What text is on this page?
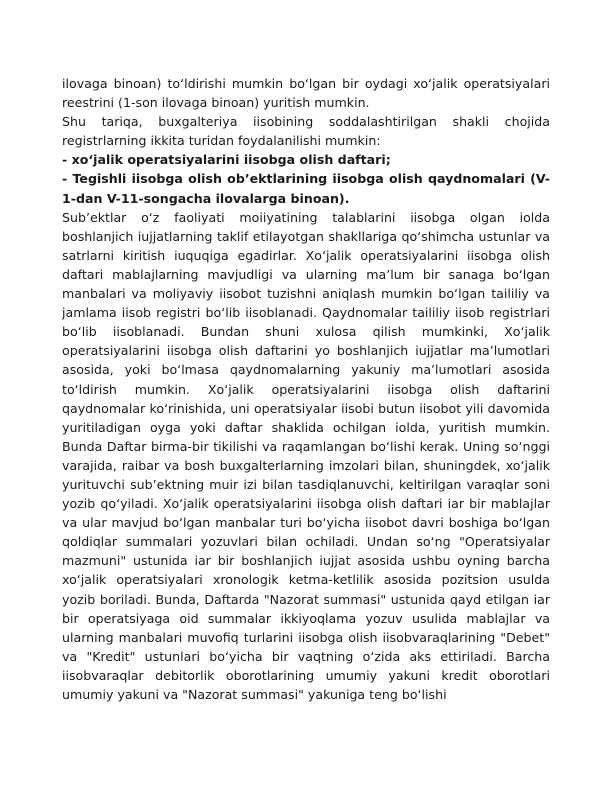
ilovaga binoan) to‘ldirishi mumkin bo‘lgan bir oydagi xo‘jalik operatsiyalari reestrini (1-son ilovaga binoan) yuritish mumkin.

Shu tariqa, buxgalteriya iisobining soddalashtirilgan shakli chojida registrlarning ikkita turidan foydalanilishi mumkin:

- xo‘jalik operatsiyalarini iisobga olish daftari;

- Tegishli iisobga olish ob’ektlarining iisobga olish qaydnomalari (V-1-dan V-11-songacha ilovalarga binoan).

Sub’ektlar o‘z faoliyati moiiyatining talablarini iisobga olgan iolda boshlanjich iujjatlarning taklif etilayotgan shakllariga qo‘shimcha ustunlar va satrlarni kiritish iuquqiga egadirlar. Xo‘jalik operatsiyalarini iisobga olish daftari mablajlarning mavjudligi va ularning ma’lum bir sanaga bo‘lgan manbalari va moliyaviy iisobot tuzishni aniqlash mumkin bo‘lgan taililiy va jamlama iisob registri bo‘lib iisoblanadi. Qaydnomalar taililiy iisob registrlari bo‘lib iisoblanadi. Bundan shuni xulosa qilish mumkinki, Xo‘jalik operatsiyalarini iisobga olish daftarini yo boshlanjich iujjatlar ma’lumotlari asosida, yoki bo‘lmasa qaydnomalarning yakuniy ma’lumotlari asosida to‘ldirish mumkin. Xo‘jalik operatsiyalarini iisobga olish daftarini qaydnomalar ko‘rinishida, uni operatsiyalar iisobi butun iisobot yili davomida yuritiladigan oyga yoki daftar shaklida ochilgan iolda, yuritish mumkin. Bunda Daftar birma-bir tikilishi va raqamlangan bo‘lishi kerak. Uning so‘nggi varajida, raibar va bosh buxgalterlarning imzolari bilan, shuningdek, xo‘jalik yurituvchi sub’ektning muir izi bilan tasdiqlanuvchi, keltirilgan varaqlar soni yozib qo‘yiladi. Xo‘jalik operatsiyalarini iisobga olish daftari iar bir mablajlar va ular mavjud bo‘lgan manbalar turi bo‘yicha iisobot davri boshiga bo‘lgan qoldiqlar summalari yozuvlari bilan ochiladi. Undan so‘ng "Operatsiyalar mazmuni" ustunida iar bir boshlanjich iujjat asosida ushbu oyning barcha xo‘jalik operatsiyalari xronologik ketma-ketlilik asosida pozitsion usulda yozib boriladi. Bunda, Daftarda "Nazorat summasi" ustunida qayd etilgan iar bir operatsiyaga oid summalar ikkiyoqlama yozuv usulida mablajlar va ularning manbalari muvofiq turlarini iisobga olish iisobvaraqlarining "Debet" va "Kredit" ustunlari bo‘yicha bir vaqtning o‘zida aks ettiriladi. Barcha iisobvaraqlar debitorlik oborotlarining umumiy yakuni kredit oborotlari umumiy yakuni va "Nazorat summasi" yakuniga teng bo‘lishi
